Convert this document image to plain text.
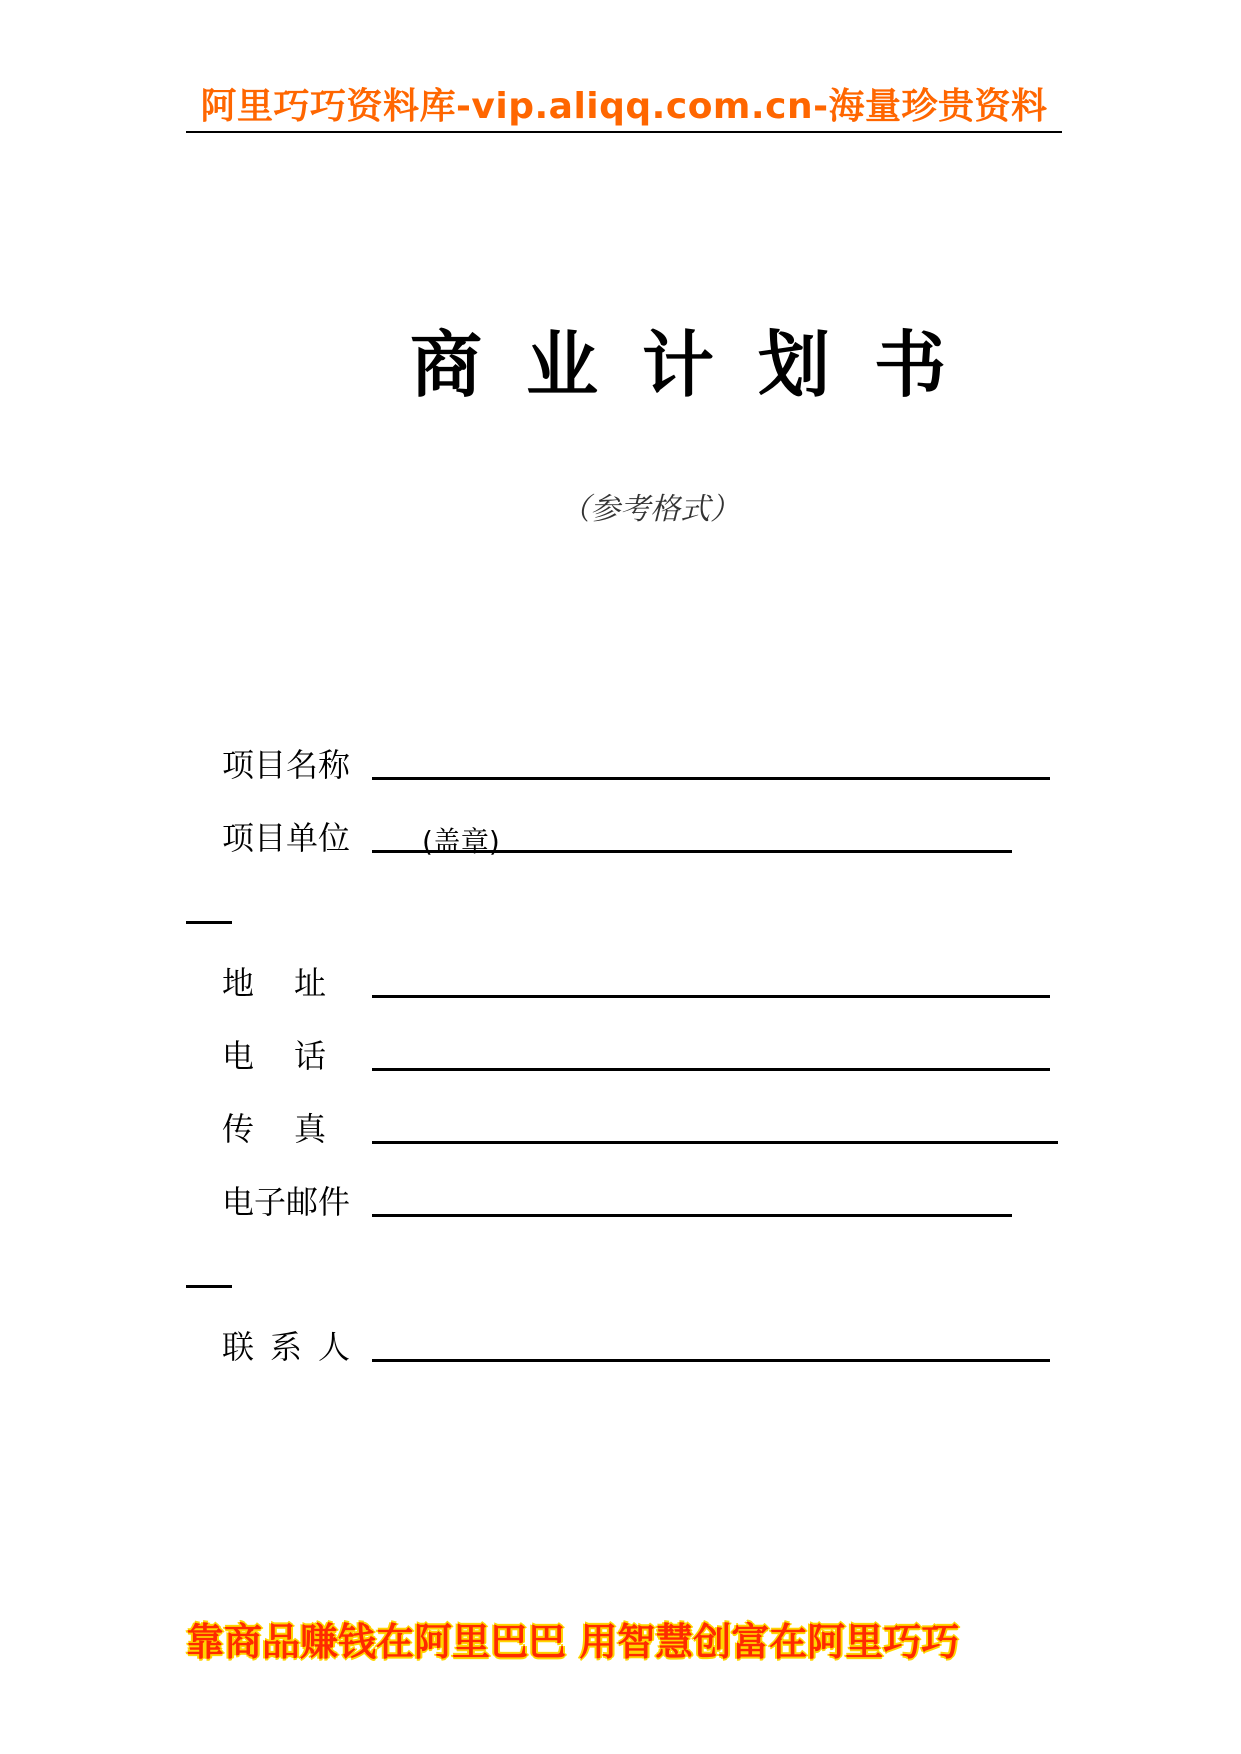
阿里巧巧资料库-vip.aliqq.com.cn-海量珍贵资料
商业计划书
（参考格式）
项目名称
项目单位	(盖章)
地址
电话
传真
电子邮件
联系人
靠商品赚钱在阿里巴巴 用智慧创富在阿里巧巧
